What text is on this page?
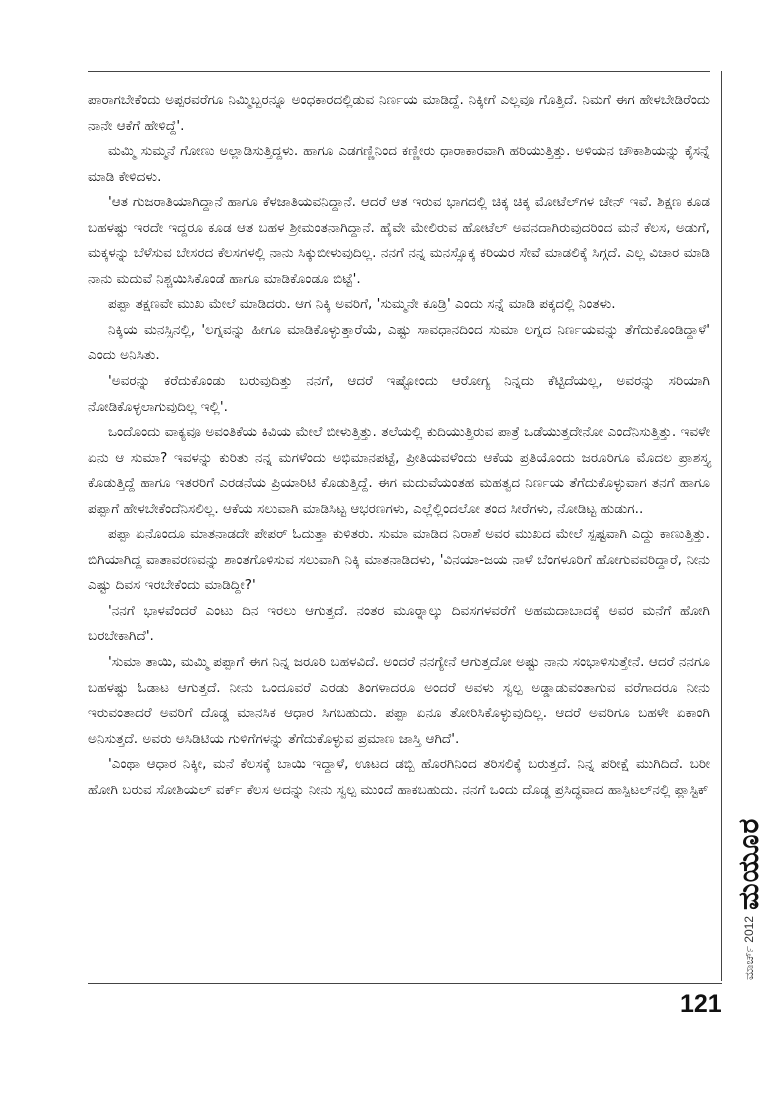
ಪಾರಾಗಬೇಕೆಂದು ಅಪ್ಪರವರೆಗೂ ನಿಮ್ಮಿಬ್ಬರನ್ನೂ ಅಂಧಕಾರದಲ್ಲಿಡುವ ನಿರ್ಣಯ ಮಾಡಿದ್ದೆ. ನಿಕ್ಕೀಗೆ ಎಲ್ಲವೂ ಗೊತ್ತಿದೆ. ನಿಮಗೆ ಈಗ ಹೇಳಬೇಡಿರೆಂದು ನಾನೇ ಆಕೆಗೆ ಹೇಳಿದ್ದೆ'.

ಮಮ್ಮಿ ಸುಮ್ಮನೆ ಗೋಣು ಅಲ್ಲಾಡಿಸುತ್ತಿದ್ದಳು. ಹಾಗೂ ಎಡಗಣ್ಣಿನಿಂದ ಕಣ್ಣೀರು ಧಾರಾಕಾರವಾಗಿ ಹರಿಯುತ್ತಿತ್ತು. ಅಳಿಯನ ಚೌಕಾಶಿಯನ್ನು ಕೈಸನ್ನೆ ಮಾಡಿ ಕೇಳಿದಳು.

'ಆತ ಗುಜರಾತಿಯಾಗಿದ್ದಾನೆ ಹಾಗೂ ಕೆಳಜಾತಿಯವನಿದ್ದಾನೆ. ಆದರೆ ಆತ ಇರುವ ಭಾಗದಲ್ಲಿ ಚಿಕ್ಕ ಚಿಕ್ಕ ಮೋಟೆಲ್‌ಗಳ ಚೇನ್ ಇವೆ. ಶಿಕ್ಷಣ ಕೂಡ ಬಹಳಷ್ಟು ಇರದೇ ಇದ್ದರೂ ಕೂಡ ಆತ ಬಹಳ ಶ್ರೀಮಂತನಾಗಿದ್ದಾನೆ. ಹೈವೇ ಮೇಲಿರುವ ಹೋಟೆಲ್ ಅವನದಾಗಿರುವುದರಿಂದ ಮನೆ ಕೆಲಸ, ಅಡುಗೆ, ಮಕ್ಕಳನ್ನು ಬೆಳೆಸುವ ಬೇಸರದ ಕೆಲಸಗಳಲ್ಲಿ ನಾನು ಸಿಕ್ಕುಬೀಳುವುದಿಲ್ಲ. ನನಗೆ ನನ್ನ ಮನಸ್ಸೊಕ್ಕ ಕರಿಯರ ಸೇವೆ ಮಾಡಲಿಕ್ಕೆ ಸಿಗ್ಗದೆ. ಎಲ್ಲ ವಿಚಾರ ಮಾಡಿ ನಾನು ಮದುವೆ ನಿಶ್ಚಯಿಸಿಕೊಂಡೆ ಹಾಗೂ ಮಾಡಿಕೊಂಡೂ ಬಿಟ್ಟೆ'.

ಪಪ್ಪಾ ತಕ್ಷಣವೇ ಮುಖ ಮೇಲೆ ಮಾಡಿದರು. ಆಗ ನಿಕ್ಕಿ ಅವರಿಗೆ, 'ಸುಮ್ಮನೇ ಕೂಡ್ರಿ' ಎಂದು ಸನ್ನೆ ಮಾಡಿ ಪಕ್ಕದಲ್ಲಿ ನಿಂತಳು.

ನಿಕ್ಕಿಯ ಮನಸ್ಸಿನಲ್ಲಿ, 'ಲಗ್ನವನ್ನು ಹೀಗೂ ಮಾಡಿಕೊಳ್ಳುತ್ತಾರೆಯೆ, ಎಷ್ಟು ಸಾವಧಾನದಿಂದ ಸುಮಾ ಲಗ್ನದ ನಿರ್ಣಯವನ್ನು ತೆಗೆದುಕೊಂಡಿದ್ದಾಳೆ' ಎಂದು ಅನಿಸಿತು.

'ಅವರನ್ನು ಕರೆದುಕೊಂಡು ಬರುವುದಿತ್ತು ನನಗೆ, ಆದರೆ ಇಷ್ಟೋಂದು ಆರೋಗ್ಯ ನಿನ್ನದು ಕೆಟ್ಟಿದೆಯಲ್ಲ, ಅವರನ್ನು ಸರಿಯಾಗಿ ನೋಡಿಕೊಳ್ಳಲಾಗುವುದಿಲ್ಲ ಇಲ್ಲಿ'.

ಒಂದೊಂದು ವಾಕ್ಯವೂ ಅವಂತಿಕೆಯ ಕಿವಿಯ ಮೇಲೆ ಬೀಳುತ್ತಿತ್ತು. ತಲೆಯಲ್ಲಿ ಕುದಿಯುತ್ತಿರುವ ಪಾತ್ರೆ ಒಡೆಯುತ್ತದೇನೋ ಎಂದೆನಿಸುತ್ತಿತ್ತು. ಇವಳೇ ಏನು ಆ ಸುಮಾ? ಇವಳನ್ನು ಕುರಿತು ನನ್ನ ಮಗಳೆಂದು ಅಭಿಮಾನಪಟ್ಟೆ, ಪ್ರೀತಿಯವಳೆಂದು ಆಕೆಯ ಪ್ರತಿಯೊಂದು ಜರೂರಿಗೂ ಮೊದಲ ಪ್ರಾಶಸ್ತ್ಯ ಕೊಡುತ್ತಿದ್ದೆ ಹಾಗೂ ಇತರರಿಗೆ ಎರಡನೆಯ ಪ್ರಿಯಾರಿಟಿ ಕೊಡುತ್ತಿದ್ದೆ. ಈಗ ಮದುವೆಯಂತಹ ಮಹತ್ವದ ನಿರ್ಣಯ ತೆಗೆದುಕೊಳ್ಳುವಾಗ ತನಗೆ ಹಾಗೂ ಪಪ್ಪಾಗೆ ಹೇಳಬೇಕೆಂದೆನಿಸಲಿಲ್ಲ. ಆಕೆಯ ಸಲುವಾಗಿ ಮಾಡಿಸಿಟ್ಟ ಆಭರಣಗಳು, ಎಲ್ಲೆಲ್ಲಿಂದಲೋ ತಂದ ಸೀರೆಗಳು, ನೋಡಿಟ್ಟ ಹುಡುಗ..

ಪಪ್ಪಾ ಏನೊಂದೂ ಮಾತನಾಡದೇ ಪೇಪರ್ ಓದುತ್ತಾ ಕುಳಿತರು. ಸುಮಾ ಮಾಡಿದ ನಿರಾಶೆ ಅವರ ಮುಖದ ಮೇಲೆ ಸ್ಪಷ್ಟವಾಗಿ ಎದ್ದು ಕಾಣುತ್ತಿತ್ತು. ಬಿಗಿಯಾಗಿದ್ದ ವಾತಾವರಣವನ್ನು ಶಾಂತಗೊಳಿಸುವ ಸಲುವಾಗಿ ನಿಕ್ಕಿ ಮಾತನಾಡಿದಳು, 'ವಿನಯಾ-ಜಯ ನಾಳೆ ಬೆಂಗಳೂರಿಗೆ ಹೋಗುವವರಿದ್ದಾರೆ, ನೀನು ಎಷ್ಟು ದಿವಸ ಇರಬೇಕೆಂದು ಮಾಡಿದ್ದೀ?'

'ನನಗೆ ಭಾಳವೆಂದರೆ ಎಂಟು ದಿನ ಇರಲು ಆಗುತ್ತದೆ. ನಂತರ ಮೂರ್‍ನಾಲ್ಕು ದಿವಸಗಳವರೆಗೆ ಅಹಮದಾಬಾದಕ್ಕೆ ಅವರ ಮನೆಗೆ ಹೋಗಿ ಬರಬೇಕಾಗಿದೆ'.

'ಸುಮಾ ತಾಯಿ, ಮಮ್ಮಿ ಪಪ್ಪಾಗೆ ಈಗ ನಿನ್ನ ಜರೂರಿ ಬಹಳವಿದೆ. ಅಂದರೆ ನನಗ್ಯೇನೆ ಆಗುತ್ತದೋ ಅಷ್ಟು ನಾನು ಸಂಭಾಳಿಸುತ್ತೇನೆ. ಆದರೆ ನನಗೂ ಬಹಳಷ್ಟು ಓಡಾಟ ಆಗುತ್ತದೆ. ನೀನು ಒಂದೂವರೆ ಎರಡು ತಿಂಗಳಾದರೂ ಅಂದರೆ ಅವಳು ಸ್ವಲ್ಪ ಅಡ್ಡಾಡುವಂತಾಗುವ ವರೆಗಾದರೂ ನೀನು ಇರುವಂತಾದರೆ ಅವರಿಗೆ ದೊಡ್ಡ ಮಾನಸಿಕ ಆಧಾರ ಸಿಗಬಹುದು. ಪಪ್ಪಾ ಏನೂ ತೋರಿಸಿಕೊಳ್ಳುವುದಿಲ್ಲ. ಆದರೆ ಅವರಿಗೂ ಬಹಳೇ ಏಕಾಂಗಿ ಅನಿಸುತ್ತದೆ. ಅವರು ಅಸಿಡಿಟಿಯ ಗುಳಿಗೆಗಳನ್ನು ತೆಗೆದುಕೊಳ್ಳುವ ಪ್ರಮಾಣ ಜಾಸ್ತಿ ಆಗಿದೆ'.

'ಎಂಥಾ ಆಧಾರ ನಿಕ್ಕೀ, ಮನೆ ಕೆಲಸಕ್ಕೆ ಬಾಯಿ ಇದ್ದಾಳೆ, ಊಟದ ಡಬ್ಬಿ ಹೊರಗಿನಿಂದ ತರಿಸಲಿಕ್ಕೆ ಬರುತ್ತದೆ. ನಿನ್ನ ಪರೀಕ್ಷೆ ಮುಗಿದಿದೆ. ಬರೀ ಹೋಗಿ ಬರುವ ಸೋಶಿಯಲ್ ವರ್ಕ್ ಕೆಲಸ ಅದನ್ನು ನೀನು ಸ್ವಲ್ಪ ಮುಂದೆ ಹಾಕಬಹುದು. ನನಗೆ ಒಂದು ದೊಡ್ಡ ಪ್ರಸಿದ್ಧವಾದ ಹಾಸ್ಪಿಟಲ್‌ನಲ್ಲಿ ಪ್ಲಾಸ್ಟಿಕ್

ಮಯೂರ
ಮಾರ್ಚ್ 2012
121
